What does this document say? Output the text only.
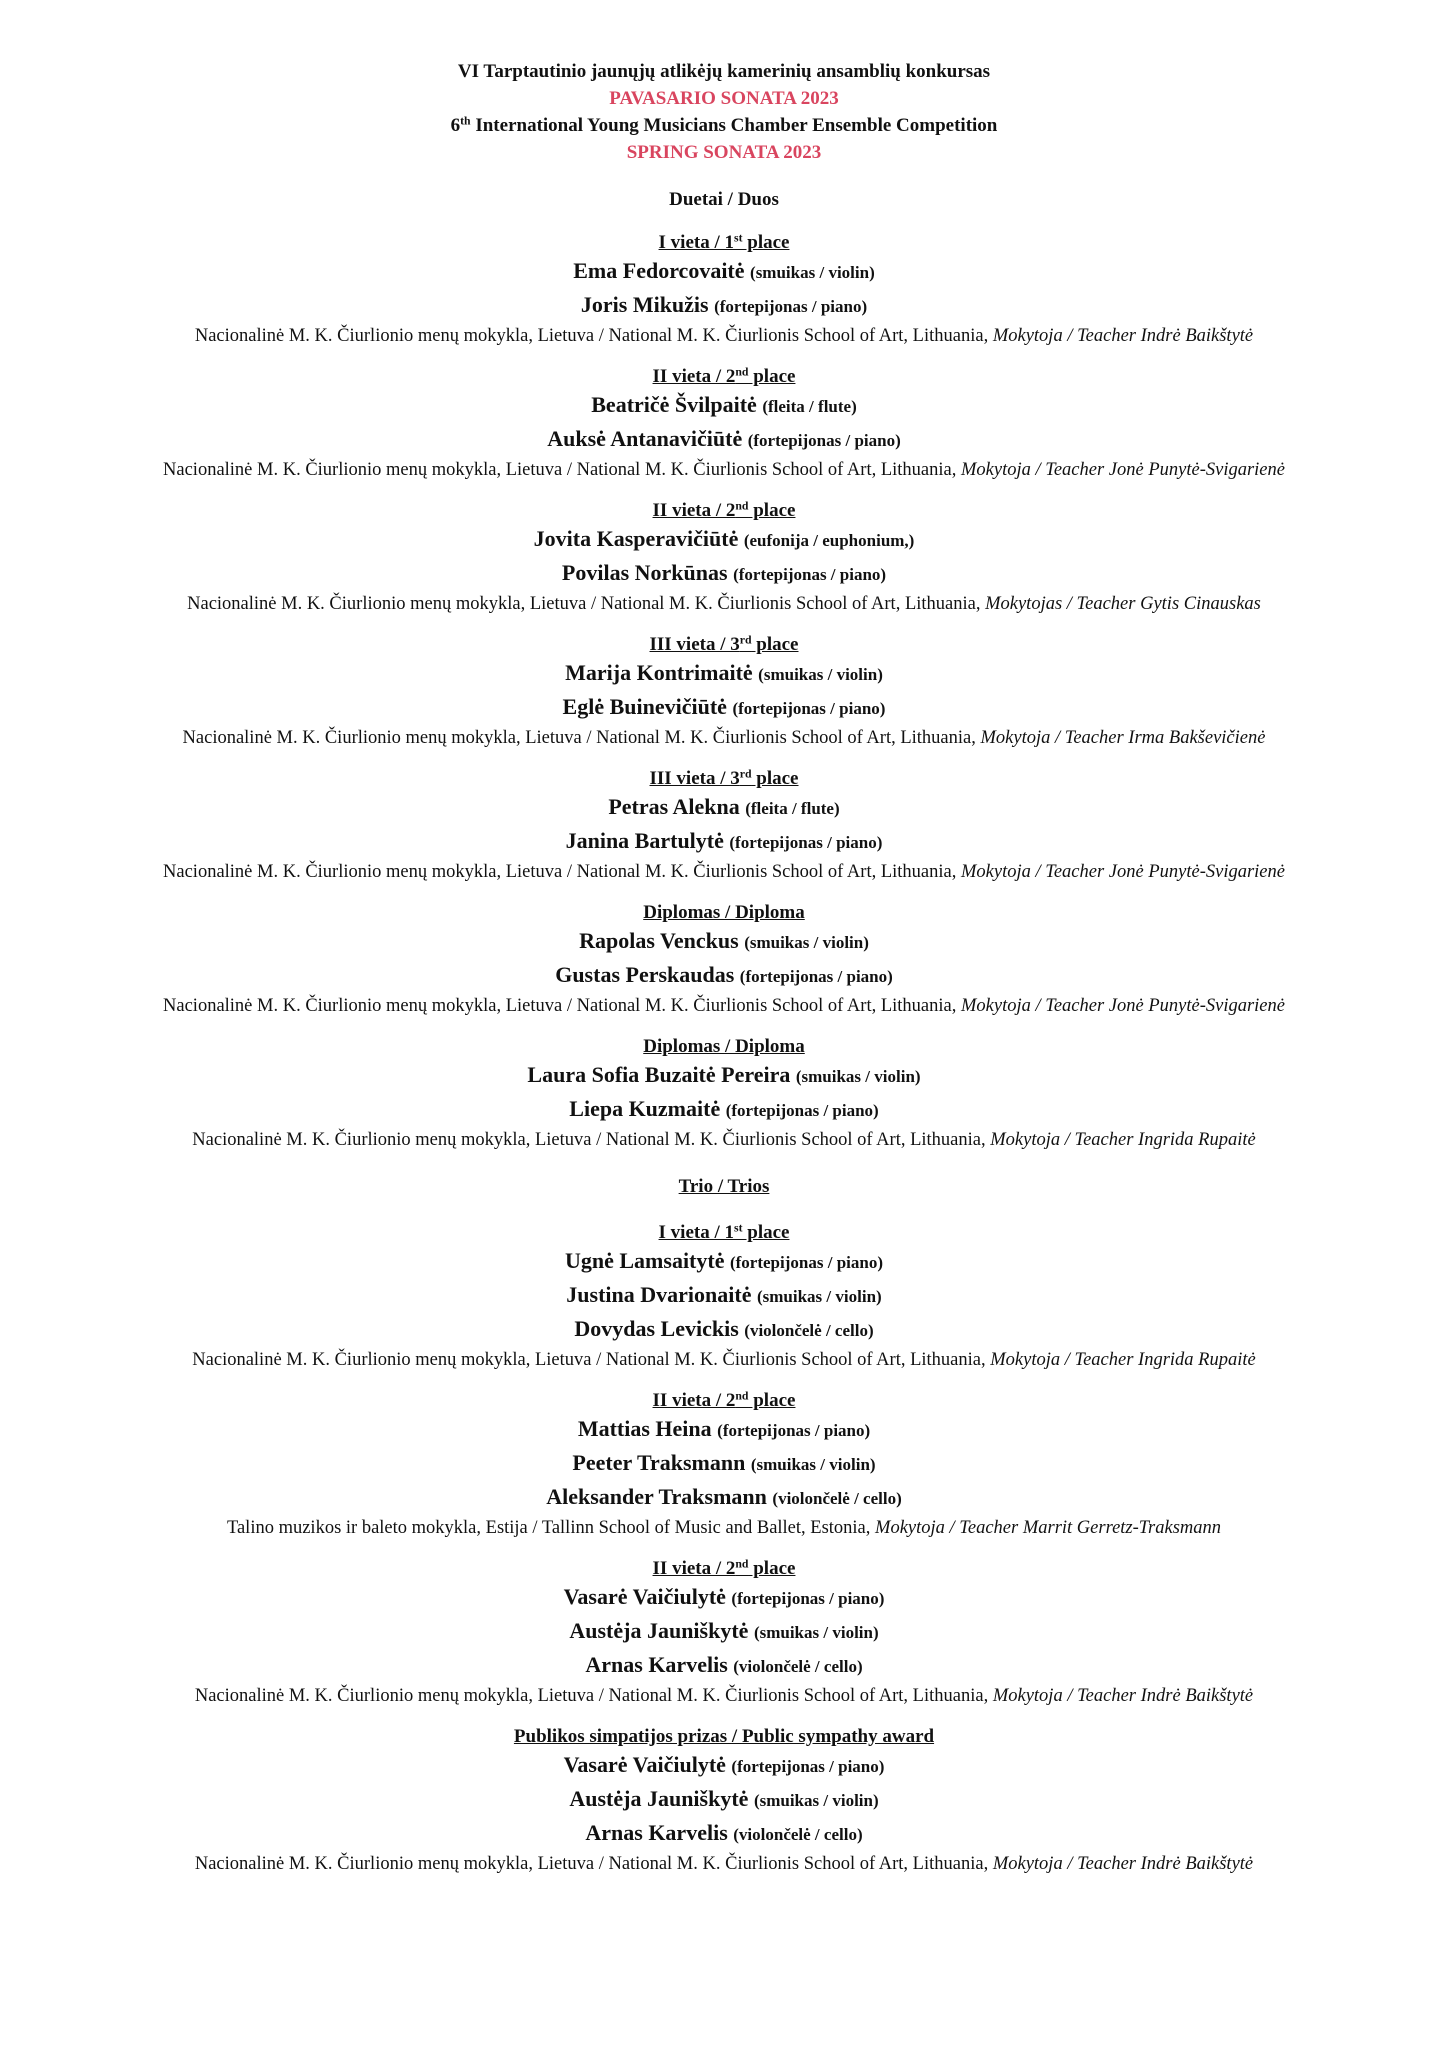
VI Tarptautinio jaunųjų atlikėjų kamerinių ansamblių konkursas
PAVASARIO SONATA 2023
6th International Young Musicians Chamber Ensemble Competition
SPRING SONATA 2023
Duetai / Duos
I vieta / 1st place
Ema Fedorcovaitė (smuikas / violin)
Joris Mikužis (fortepijonas / piano)
Nacionalinė M. K. Čiurlionio menų mokykla, Lietuva / National M. K. Čiurlionis School of Art, Lithuania, Mokytoja / Teacher Indrė Baikštytė
II vieta / 2nd place
Beatričė Švilpaitė (fleita / flute)
Auksė Antanavičiūtė (fortepijonas / piano)
Nacionalinė M. K. Čiurlionio menų mokykla, Lietuva / National M. K. Čiurlionis School of Art, Lithuania, Mokytoja / Teacher Jonė Punytė-Svigarienė
II vieta / 2nd place
Jovita Kasperavičiūtė (eufonija / euphonium,)
Povilas Norkūnas (fortepijonas / piano)
Nacionalinė M. K. Čiurlionio menų mokykla, Lietuva / National M. K. Čiurlionis School of Art, Lithuania, Mokytojas / Teacher Gytis Cinauskas
III vieta / 3rd place
Marija Kontrimaitė (smuikas / violin)
Eglė Buinevičiūtė (fortepijonas / piano)
Nacionalinė M. K. Čiurlionio menų mokykla, Lietuva / National M. K. Čiurlionis School of Art, Lithuania, Mokytoja / Teacher Irma Bakševičienė
III vieta / 3rd place
Petras Alekna (fleita / flute)
Janina Bartulytė (fortepijonas / piano)
Nacionalinė M. K. Čiurlionio menų mokykla, Lietuva / National M. K. Čiurlionis School of Art, Lithuania, Mokytoja / Teacher Jonė Punytė-Svigarienė
Diplomas / Diploma
Rapolas Venckus (smuikas / violin)
Gustas Perskaudas (fortepijonas / piano)
Nacionalinė M. K. Čiurlionio menų mokykla, Lietuva / National M. K. Čiurlionis School of Art, Lithuania, Mokytoja / Teacher Jonė Punytė-Svigarienė
Diplomas / Diploma
Laura Sofia Buzaitė Pereira (smuikas / violin)
Liepa Kuzmaitė (fortepijonas / piano)
Nacionalinė M. K. Čiurlionio menų mokykla, Lietuva / National M. K. Čiurlionis School of Art, Lithuania, Mokytoja / Teacher Ingrida Rupaitė
Trio / Trios
I vieta / 1st place
Ugnė Lamsaitytė (fortepijonas / piano)
Justina Dvarionaitė (smuikas / violin)
Dovydas Levickis (violončelė / cello)
Nacionalinė M. K. Čiurlionio menų mokykla, Lietuva / National M. K. Čiurlionis School of Art, Lithuania, Mokytoja / Teacher Ingrida Rupaitė
II vieta / 2nd place
Mattias Heina (fortepijonas / piano)
Peeter Traksmann (smuikas / violin)
Aleksander Traksmann (violončelė / cello)
Talino muzikos ir baleto mokykla, Estija / Tallinn School of Music and Ballet, Estonia, Mokytoja / Teacher Marrit Gerretz-Traksmann
II vieta / 2nd place
Vasarė Vaičiulytė (fortepijonas / piano)
Austėja Jauniškytė (smuikas / violin)
Arnas Karvelis (violončelė / cello)
Nacionalinė M. K. Čiurlionio menų mokykla, Lietuva / National M. K. Čiurlionis School of Art, Lithuania, Mokytoja / Teacher Indrė Baikštytė
Publikos simpatijos prizas / Public sympathy award
Vasarė Vaičiulytė (fortepijonas / piano)
Austėja Jauniškytė (smuikas / violin)
Arnas Karvelis (violončelė / cello)
Nacionalinė M. K. Čiurlionio menų mokykla, Lietuva / National M. K. Čiurlionis School of Art, Lithuania, Mokytoja / Teacher Indrė Baikštytė
